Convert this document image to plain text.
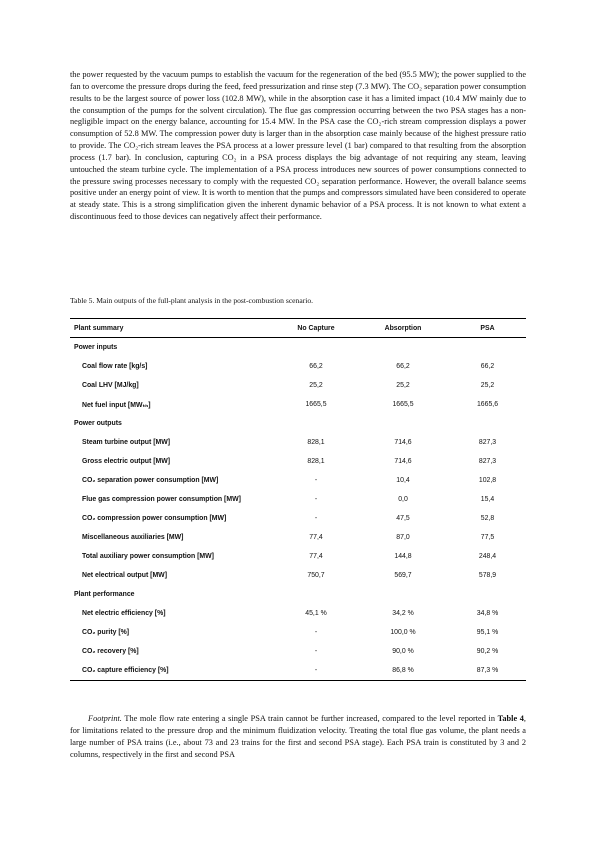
the power requested by the vacuum pumps to establish the vacuum for the regeneration of the bed (95.5 MW); the power supplied to the fan to overcome the pressure drops during the feed, feed pressurization and rinse step (7.3 MW). The CO₂ separation power consumption results to be the largest source of power loss (102.8 MW), while in the absorption case it has a limited impact (10.4 MW mainly due to the consumption of the pumps for the solvent circulation). The flue gas compression occurring between the two PSA stages has a non-negligible impact on the energy balance, accounting for 15.4 MW. In the PSA case the CO₂-rich stream compression displays a power consumption of 52.8 MW. The compression power duty is larger than in the absorption case mainly because of the highest pressure ratio to provide. The CO₂-rich stream leaves the PSA process at a lower pressure level (1 bar) compared to that resulting from the absorption process (1.7 bar). In conclusion, capturing CO₂ in a PSA process displays the big advantage of not requiring any steam, leaving untouched the steam turbine cycle. The implementation of a PSA process introduces new sources of power consumptions connected to the pressure swing processes necessary to comply with the requested CO₂ separation performance. However, the overall balance seems positive under an energy point of view. It is worth to mention that the pumps and compressors simulated have been considered to operate at steady state. This is a strong simplification given the inherent dynamic behavior of a PSA process. It is not known to what extent a discontinuous feed to those devices can negatively affect their performance.

Table 5. Main outputs of the full-plant analysis in the post-combustion scenario.

Plant summary	No Capture	Absorption	PSA
Power inputs			
Coal flow rate [kg/s]	66,2	66,2	66,2
Coal LHV [MJ/kg]	25,2	25,2	25,2
Net fuel input [MWₜₕ]	1665,5	1665,5	1665,6
Power outputs			
Steam turbine output [MW]	828,1	714,6	827,3
Gross electric output [MW]	828,1	714,6	827,3
CO₂ separation power consumption [MW]	-	10,4	102,8
Flue gas compression power consumption [MW]	-	0,0	15,4
CO₂ compression power consumption [MW]	-	47,5	52,8
Miscellaneous auxiliaries [MW]	77,4	87,0	77,5
Total auxiliary power consumption [MW]	77,4	144,8	248,4
Net electrical output [MW]	750,7	569,7	578,9
Plant performance			
Net electric efficiency [%]	45,1 %	34,2 %	34,8 %
CO₂ purity [%]	-	100,0 %	95,1 %
CO₂ recovery [%]	-	90,0 %	90,2 %
CO₂ capture efficiency [%]	-	86,8 %	87,3 %

Footprint. The mole flow rate entering a single PSA train cannot be further increased, compared to the level reported in Table 4, for limitations related to the pressure drop and the minimum fluidization velocity. Treating the total flue gas volume, the plant needs a large number of PSA trains (i.e., about 73 and 23 trains for the first and second PSA stage). Each PSA train is constituted by 3 and 2 columns, respectively in the first and second PSA
